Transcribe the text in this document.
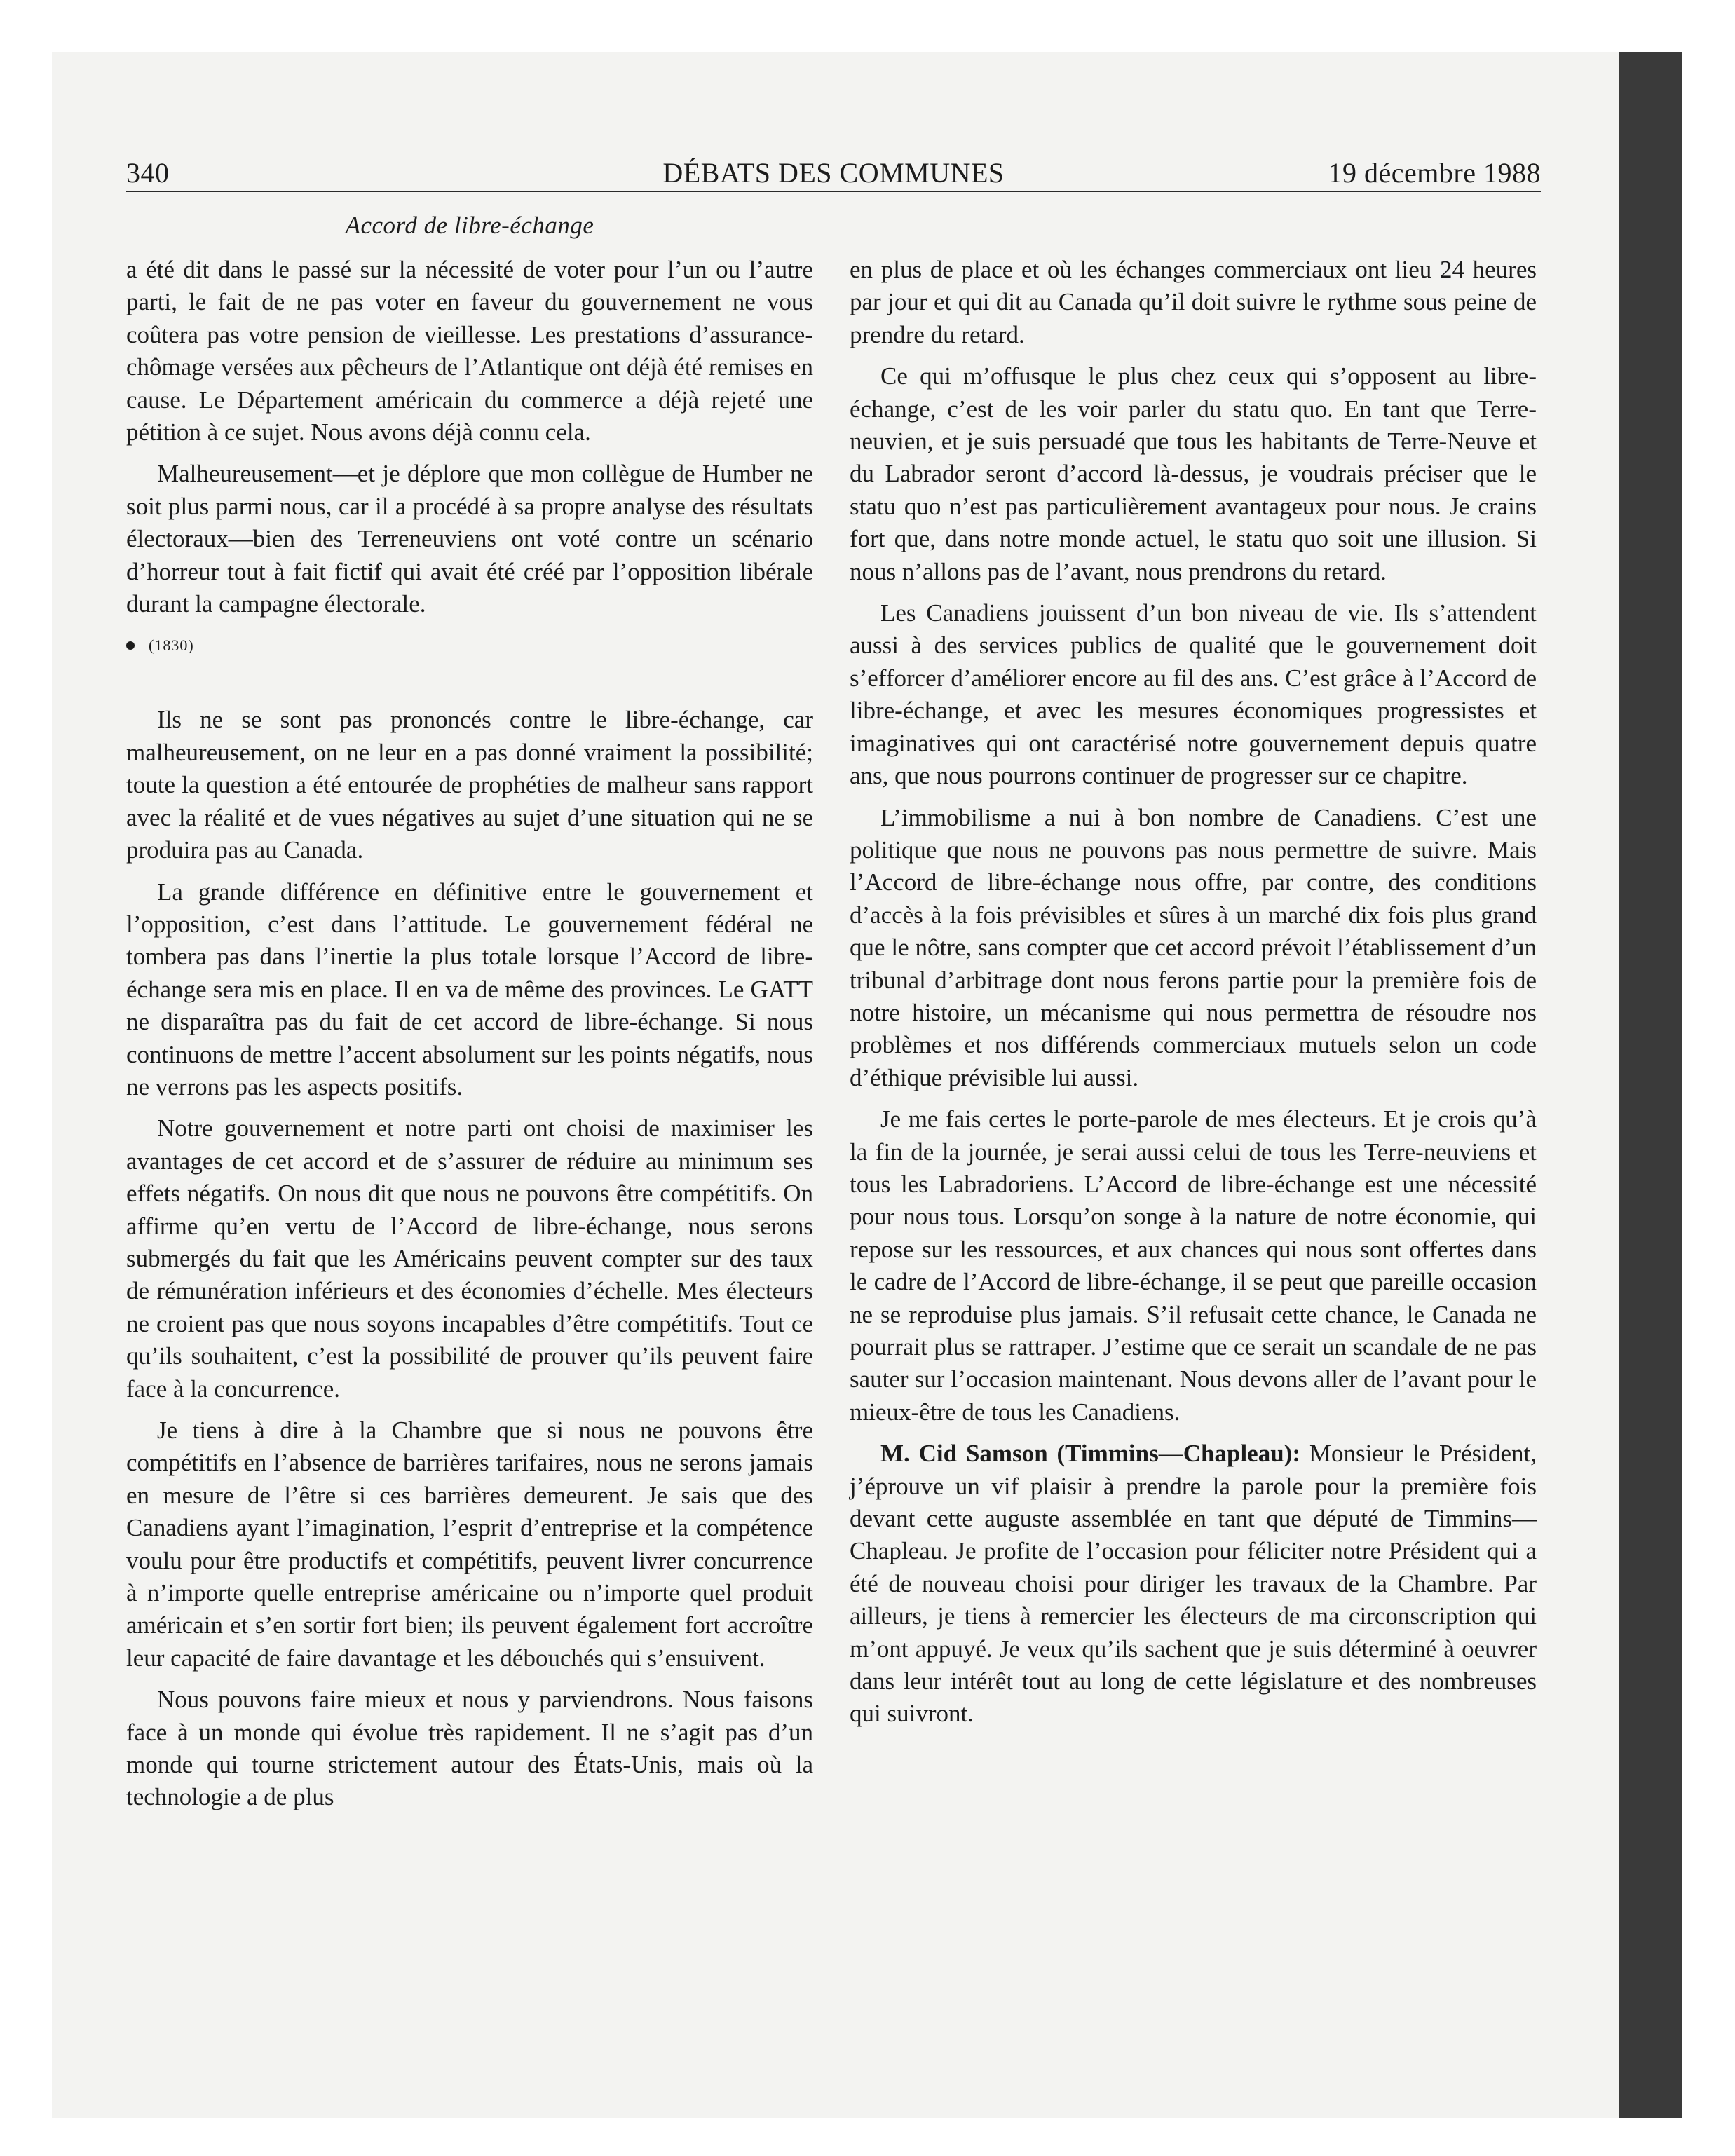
DÉBATS DES COMMUNES
340	19 décembre 1988
Accord de libre-échange

a été dit dans le passé sur la nécessité de voter pour l’un ou l’autre parti, le fait de ne pas voter en faveur du gouvernement ne vous coûtera pas votre pension de vieillesse. Les prestations d’assurance-chômage versées aux pêcheurs de l’Atlantique ont déjà été remises en cause. Le Département américain du commerce a déjà rejeté une pétition à ce sujet. Nous avons déjà connu cela.

Malheureusement—et je déplore que mon collègue de Humber ne soit plus parmi nous, car il a procédé à sa propre analyse des résultats électoraux—bien des Terreneuviens ont voté contre un scénario d’horreur tout à fait fictif qui avait été créé par l’opposition libérale durant la campagne électorale.

(1830)

Ils ne se sont pas prononcés contre le libre-échange, car malheureusement, on ne leur en a pas donné vraiment la possibilité; toute la question a été entourée de prophéties de malheur sans rapport avec la réalité et de vues négatives au sujet d’une situation qui ne se produira pas au Canada.

La grande différence en définitive entre le gouvernement et l’opposition, c’est dans l’attitude. Le gouvernement fédéral ne tombera pas dans l’inertie la plus totale lorsque l’Accord de libre-échange sera mis en place. Il en va de même des provinces. Le GATT ne disparaîtra pas du fait de cet accord de libre-échange. Si nous continuons de mettre l’accent absolument sur les points négatifs, nous ne verrons pas les aspects positifs.

Notre gouvernement et notre parti ont choisi de maximiser les avantages de cet accord et de s’assurer de réduire au minimum ses effets négatifs. On nous dit que nous ne pouvons être compétitifs. On affirme qu’en vertu de l’Accord de libre-échange, nous serons submergés du fait que les Américains peuvent compter sur des taux de rémunération inférieurs et des économies d’échelle. Mes électeurs ne croient pas que nous soyons incapables d’être compétitifs. Tout ce qu’ils souhaitent, c’est la possibilité de prouver qu’ils peuvent faire face à la concurrence.

Je tiens à dire à la Chambre que si nous ne pouvons être compétitifs en l’absence de barrières tarifaires, nous ne serons jamais en mesure de l’être si ces barrières demeurent. Je sais que des Canadiens ayant l’imagination, l’esprit d’entreprise et la compétence voulu pour être productifs et compétitifs, peuvent livrer concurrence à n’importe quelle entreprise américaine ou n’importe quel produit américain et s’en sortir fort bien; ils peuvent également fort accroître leur capacité de faire davantage et les débouchés qui s’ensuivent.

Nous pouvons faire mieux et nous y parviendrons. Nous faisons face à un monde qui évolue très rapidement. Il ne s’agit pas d’un monde qui tourne strictement autour des États-Unis, mais où la technologie a de plus

en plus de place et où les échanges commerciaux ont lieu 24 heures par jour et qui dit au Canada qu’il doit suivre le rythme sous peine de prendre du retard.

Ce qui m’offusque le plus chez ceux qui s’opposent au libre-échange, c’est de les voir parler du statu quo. En tant que Terre-neuvien, et je suis persuadé que tous les habitants de Terre-Neuve et du Labrador seront d’accord là-dessus, je voudrais préciser que le statu quo n’est pas particulièrement avantageux pour nous. Je crains fort que, dans notre monde actuel, le statu quo soit une illusion. Si nous n’allons pas de l’avant, nous prendrons du retard.

Les Canadiens jouissent d’un bon niveau de vie. Ils s’attendent aussi à des services publics de qualité que le gouvernement doit s’efforcer d’améliorer encore au fil des ans. C’est grâce à l’Accord de libre-échange, et avec les mesures économiques progressistes et imaginatives qui ont caractérisé notre gouvernement depuis quatre ans, que nous pourrons continuer de progresser sur ce chapitre.

L’immobilisme a nui à bon nombre de Canadiens. C’est une politique que nous ne pouvons pas nous permettre de suivre. Mais l’Accord de libre-échange nous offre, par contre, des conditions d’accès à la fois prévisibles et sûres à un marché dix fois plus grand que le nôtre, sans compter que cet accord prévoit l’établissement d’un tribunal d’arbitrage dont nous ferons partie pour la première fois de notre histoire, un mécanisme qui nous permettra de résoudre nos problèmes et nos différends commerciaux mutuels selon un code d’éthique prévisible lui aussi.

Je me fais certes le porte-parole de mes électeurs. Et je crois qu’à la fin de la journée, je serai aussi celui de tous les Terre-neuviens et tous les Labradoriens. L’Accord de libre-échange est une nécessité pour nous tous. Lorsqu’on songe à la nature de notre économie, qui repose sur les ressources, et aux chances qui nous sont offertes dans le cadre de l’Accord de libre-échange, il se peut que pareille occasion ne se reproduise plus jamais. S’il refusait cette chance, le Canada ne pourrait plus se rattraper. J’estime que ce serait un scandale de ne pas sauter sur l’occasion maintenant. Nous devons aller de l’avant pour le mieux-être de tous les Canadiens.

M. Cid Samson (Timmins—Chapleau): Monsieur le Président, j’éprouve un vif plaisir à prendre la parole pour la première fois devant cette auguste assemblée en tant que député de Timmins—Chapleau. Je profite de l’occasion pour féliciter notre Président qui a été de nouveau choisi pour diriger les travaux de la Chambre. Par ailleurs, je tiens à remercier les électeurs de ma circonscription qui m’ont appuyé. Je veux qu’ils sachent que je suis déterminé à oeuvrer dans leur intérêt tout au long de cette législature et des nombreuses qui suivront.
